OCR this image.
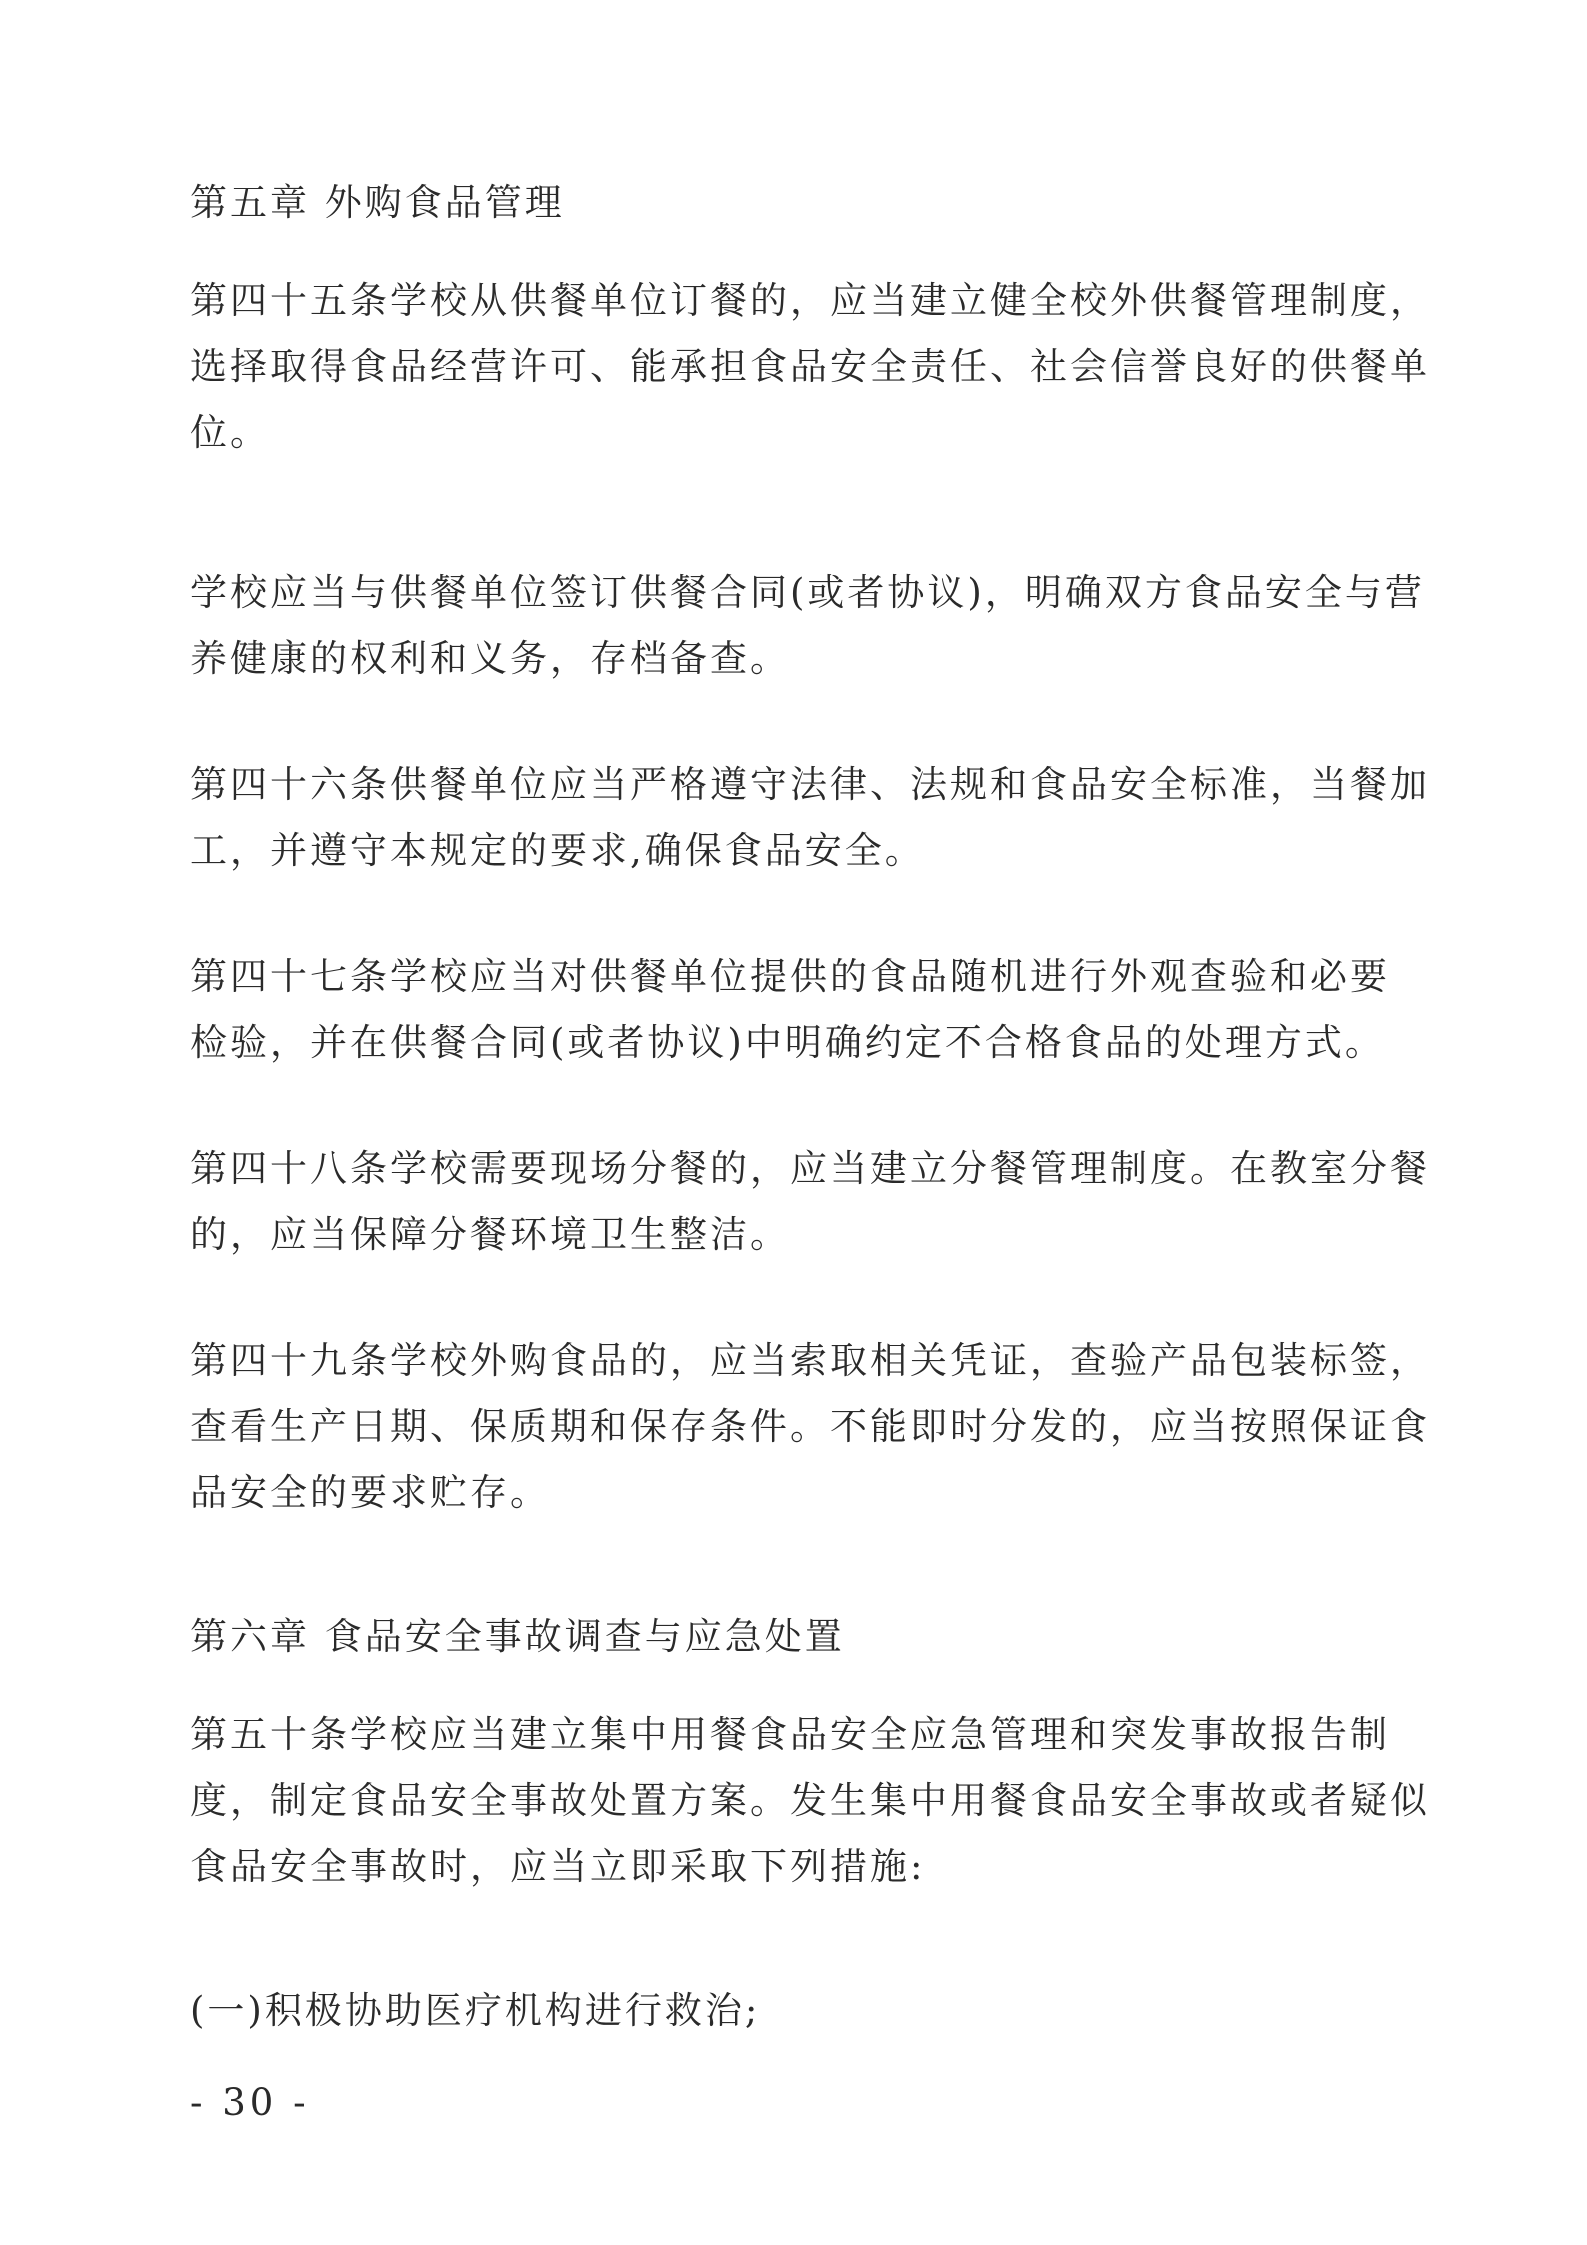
第五章 外购食品管理
第四十五条学校从供餐单位订餐的，应当建立健全校外供餐管理制度，
选择取得食品经营许可、能承担食品安全责任、社会信誉良好的供餐单
位。
学校应当与供餐单位签订供餐合同(或者协议)，明确双方食品安全与营
养健康的权利和义务，存档备查。
第四十六条供餐单位应当严格遵守法律、法规和食品安全标准，当餐加
工，并遵守本规定的要求,确保食品安全。
第四十七条学校应当对供餐单位提供的食品随机进行外观查验和必要
检验，并在供餐合同(或者协议)中明确约定不合格食品的处理方式。
第四十八条学校需要现场分餐的，应当建立分餐管理制度。在教室分餐
的，应当保障分餐环境卫生整洁。
第四十九条学校外购食品的，应当索取相关凭证，查验产品包装标签，
查看生产日期、保质期和保存条件。不能即时分发的，应当按照保证食
品安全的要求贮存。
第六章 食品安全事故调查与应急处置
第五十条学校应当建立集中用餐食品安全应急管理和突发事故报告制
度，制定食品安全事故处置方案。发生集中用餐食品安全事故或者疑似
食品安全事故时，应当立即采取下列措施:
(一)积极协助医疗机构进行救治;
- 30 -
